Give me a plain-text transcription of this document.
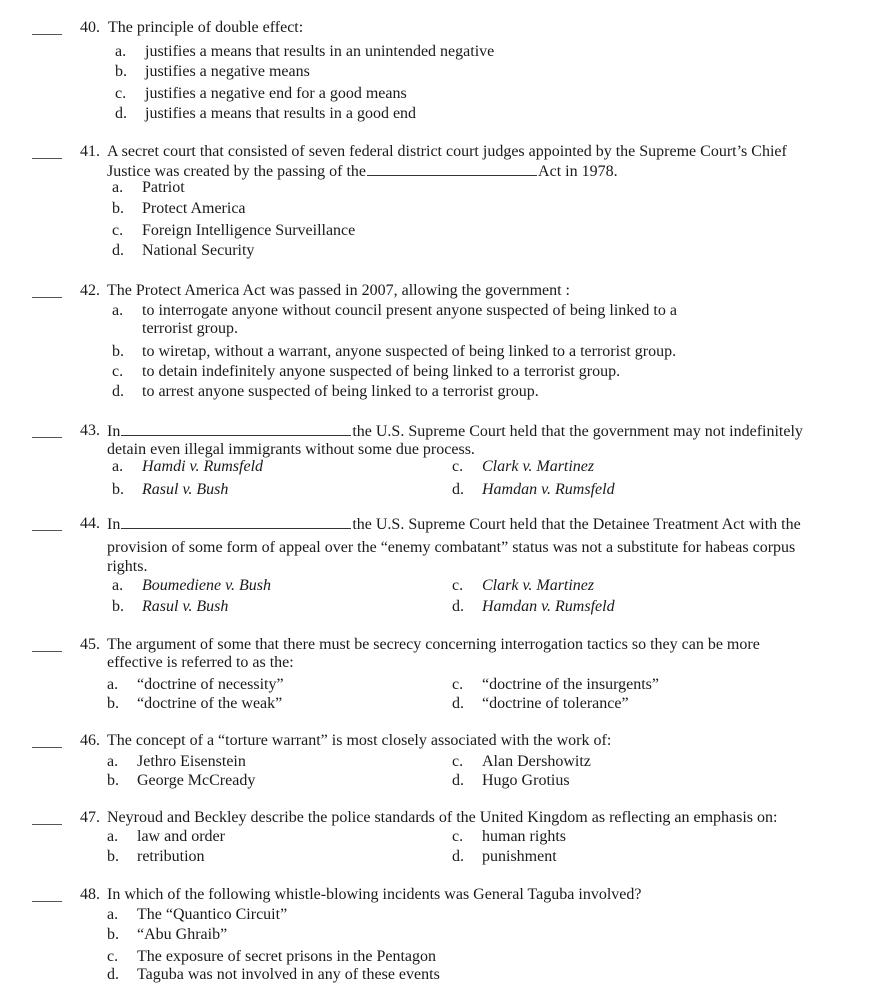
40. The principle of double effect:
a. justifies a means that results in an unintended negative
b. justifies a negative means
c. justifies a negative end for a good means
d. justifies a means that results in a good end
41. A secret court that consisted of seven federal district court judges appointed by the Supreme Court’s Chief
Justice was created by the passing of the	Act in 1978.
a. Patriot
b. Protect America
c. Foreign Intelligence Surveillance
d. National Security
42. The Protect America Act was passed in 2007, allowing the government :
a. to interrogate anyone without council present anyone suspected of being linked to a
terrorist group.
b. to wiretap, without a warrant, anyone suspected of being linked to a terrorist group.
c. to detain indefinitely anyone suspected of being linked to a terrorist group.
d. to arrest anyone suspected of being linked to a terrorist group.
43. In	the U.S. Supreme Court held that the government may not indefinitely
detain even illegal immigrants without some due process.
a. Hamdi v. Rumsfeld	c. Clark v. Martinez
b. Rasul v. Bush	d. Hamdan v. Rumsfeld
44. In	the U.S. Supreme Court held that the Detainee Treatment Act with the
provision of some form of appeal over the “enemy combatant” status was not a substitute for habeas corpus
rights.
a. Boumediene v. Bush	c. Clark v. Martinez
b. Rasul v. Bush	d. Hamdan v. Rumsfeld
45. The argument of some that there must be secrecy concerning interrogation tactics so they can be more
effective is referred to as the:
a. “doctrine of necessity”	c. “doctrine of the insurgents”
b. “doctrine of the weak”	d. “doctrine of tolerance”
46. The concept of a “torture warrant” is most closely associated with the work of:
a. Jethro Eisenstein	c. Alan Dershowitz
b. George McCready	d. Hugo Grotius
47. Neyroud and Beckley describe the police standards of the United Kingdom as reflecting an emphasis on:
a. law and order	c. human rights
b. retribution	d. punishment
48. In which of the following whistle-blowing incidents was General Taguba involved?
a. The “Quantico Circuit”
b. “Abu Ghraib”
c. The exposure of secret prisons in the Pentagon
d. Taguba was not involved in any of these events
